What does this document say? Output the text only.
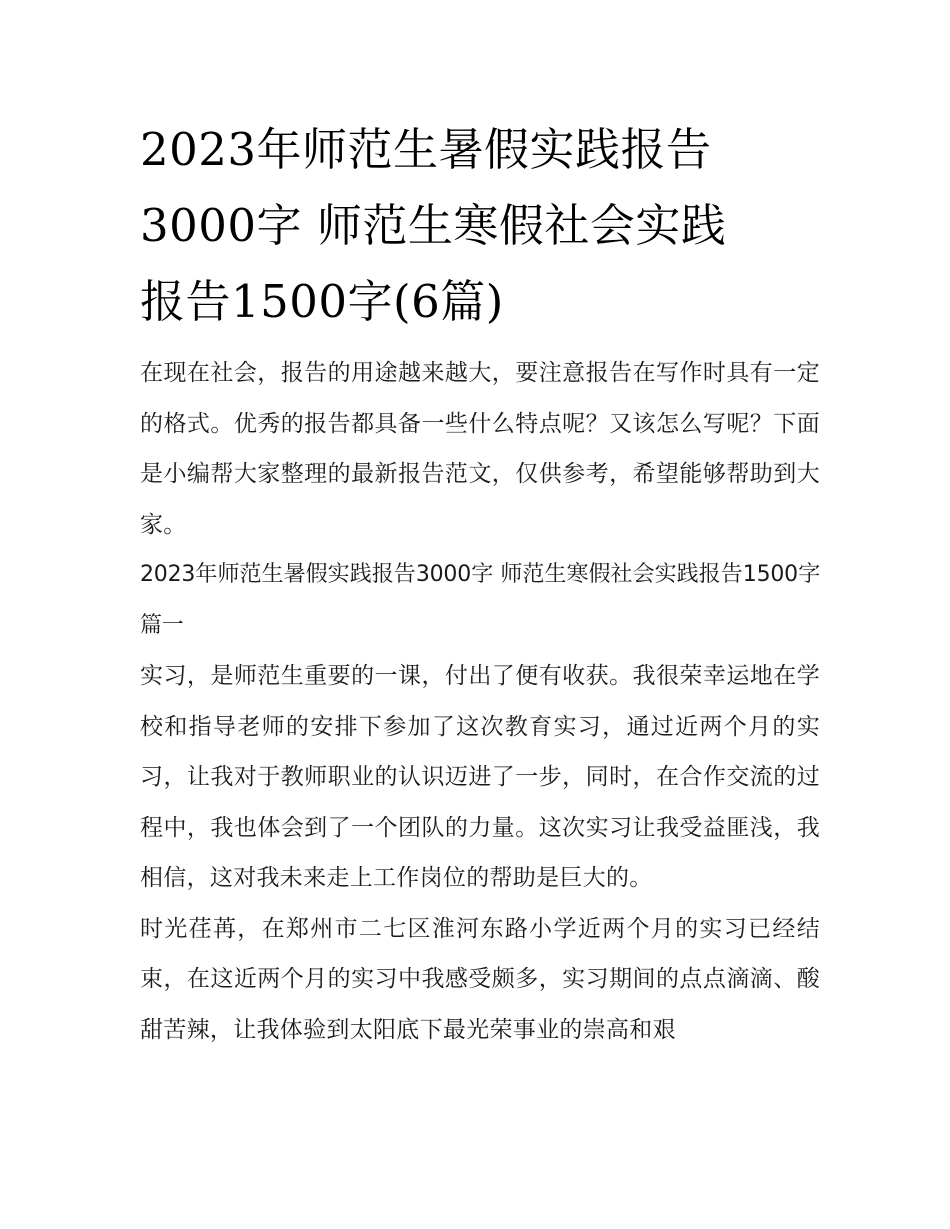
2023年师范生暑假实践报告
3000字 师范生寒假社会实践
报告1500字(6篇)

在现在社会，报告的用途越来越大，要注意报告在写作时具有一定的格式。优秀的报告都具备一些什么特点呢？又该怎么写呢？下面是小编帮大家整理的最新报告范文，仅供参考，希望能够帮助到大家。

2023年师范生暑假实践报告3000字 师范生寒假社会实践报告1500字篇一

实习，是师范生重要的一课，付出了便有收获。我很荣幸运地在学校和指导老师的安排下参加了这次教育实习，通过近两个月的实习，让我对于教师职业的认识迈进了一步，同时，在合作交流的过程中，我也体会到了一个团队的力量。这次实习让我受益匪浅，我相信，这对我未来走上工作岗位的帮助是巨大的。

时光荏苒，在郑州市二七区淮河东路小学近两个月的实习已经结束，在这近两个月的实习中我感受颇多，实习期间的点点滴滴、酸甜苦辣，让我体验到太阳底下最光荣事业的崇高和艰
